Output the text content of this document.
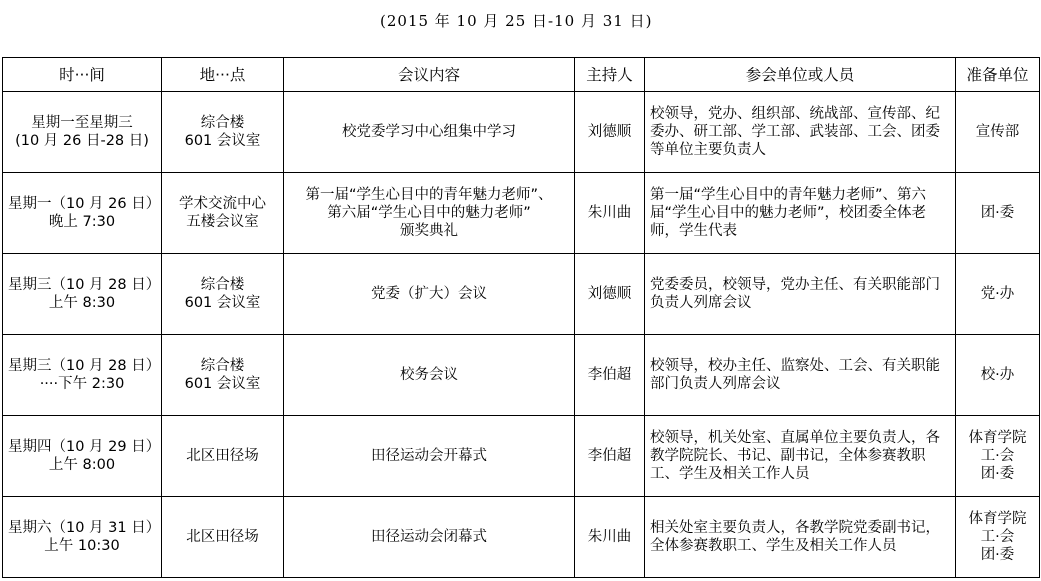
(2015 年 10 月 25 日-10 月 31 日)
时···间	地···点	会议内容	主持人	参会单位或人员	准备单位

星期一至星期三
(10 月 26 日-28 日)	综合楼
601 会议室	校党委学习中心组集中学习	刘德顺	校领导，党办、组织部、统战部、宣传部、纪委办、研工部、学工部、武装部、工会、团委等单位主要负责人	宣传部

星期一（10 月 26 日）
晚上 7:30	学术交流中心
五楼会议室	第一届“学生心目中的青年魅力老师”、
第六届“学生心目中的魅力老师”
颁奖典礼	朱川曲	第一届“学生心目中的青年魅力老师”、第六届“学生心目中的魅力老师”，校团委全体老师，学生代表	团·委

星期三（10 月 28 日）
上午 8:30	综合楼
601 会议室	党委（扩大）会议	刘德顺	党委委员，校领导，党办主任、有关职能部门负责人列席会议	党·办

星期三（10 月 28 日）
····下午 2:30	综合楼
601 会议室	校务会议	李伯超	校领导，校办主任、监察处、工会、有关职能部门负责人列席会议	校·办

星期四（10 月 29 日）
上午 8:00	北区田径场	田径运动会开幕式	李伯超	校领导，机关处室、直属单位主要负责人，各教学院院长、书记、副书记，全体参赛教职工、学生及相关工作人员	体育学院
工·会
团·委

星期六（10 月 31 日）
上午 10:30	北区田径场	田径运动会闭幕式	朱川曲	相关处室主要负责人，各教学院党委副书记，全体参赛教职工、学生及相关工作人员	体育学院
工·会
团·委
